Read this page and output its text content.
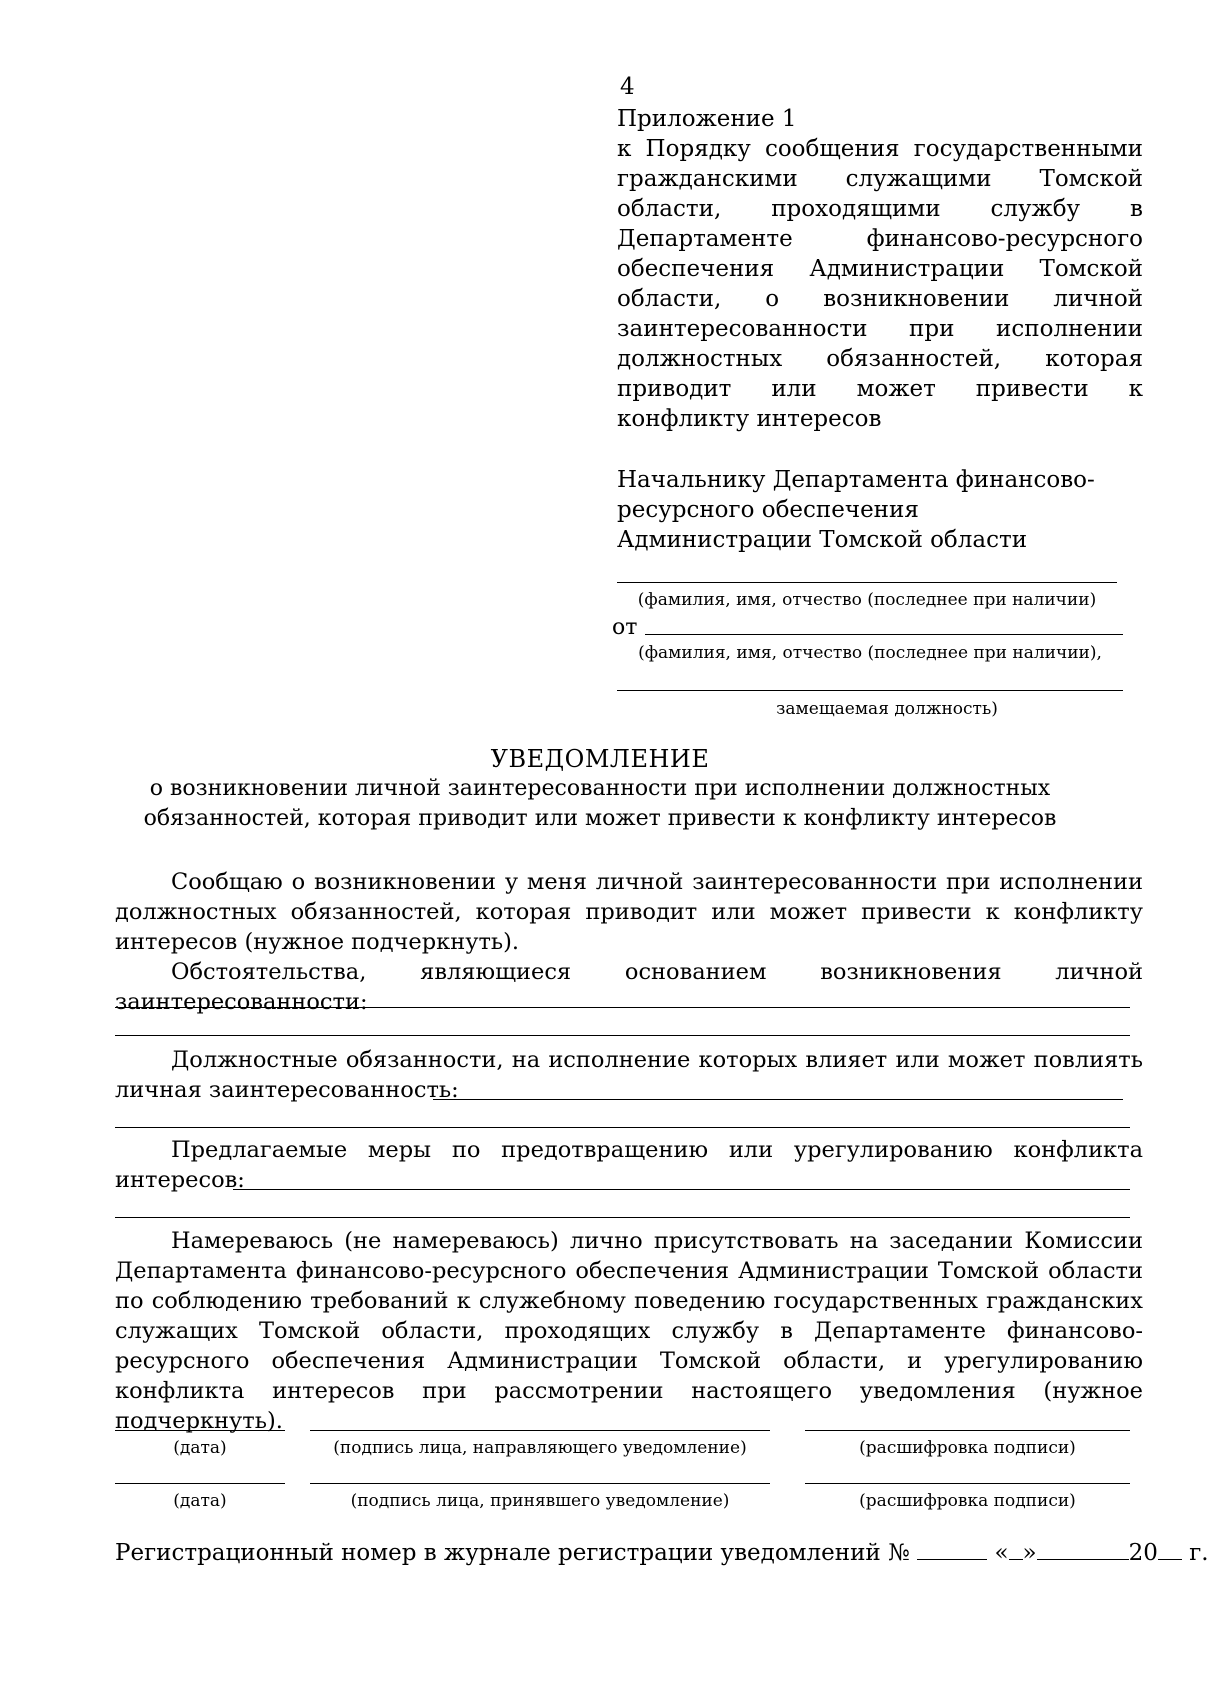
4
Приложение 1
к Порядку сообщения государственными гражданскими служащими Томской области, проходящими службу в Департаменте финансово-ресурсного обеспечения Администрации Томской области, о возникновении личной заинтересованности при исполнении должностных обязанностей, которая приводит или может привести к конфликту интересов
Начальнику Департамента финансово-ресурсного обеспечения Администрации Томской области
(фамилия, имя, отчество (последнее при наличии)
от
(фамилия, имя, отчество (последнее при наличии),
замещаемая должность)
УВЕДОМЛЕНИЕ
о возникновении личной заинтересованности при исполнении должностных
обязанностей, которая приводит или может привести к конфликту интересов
Сообщаю о возникновении у меня личной заинтересованности при исполнении должностных обязанностей, которая приводит или может привести к конфликту интересов (нужное подчеркнуть).
Обстоятельства, являющиеся основанием возникновения личной заинтересованности:
Должностные обязанности, на исполнение которых влияет или может повлиять
личная заинтересованность:
Предлагаемые меры по предотвращению или урегулированию конфликта
интересов:
Намереваюсь (не намереваюсь) лично присутствовать на заседании Комиссии Департамента финансово-ресурсного обеспечения Администрации Томской области по соблюдению требований к служебному поведению государственных гражданских служащих Томской области, проходящих службу в Департаменте финансово-ресурсного обеспечения Администрации Томской области, и урегулированию конфликта интересов при рассмотрении настоящего уведомления (нужное подчеркнуть).
(дата)	(подпись лица, направляющего уведомление)	(расшифровка подписи)
(дата)	(подпись лица, принявшего уведомление)	(расшифровка подписи)
Регистрационный номер в журнале регистрации уведомлений №	« »	20 г.
